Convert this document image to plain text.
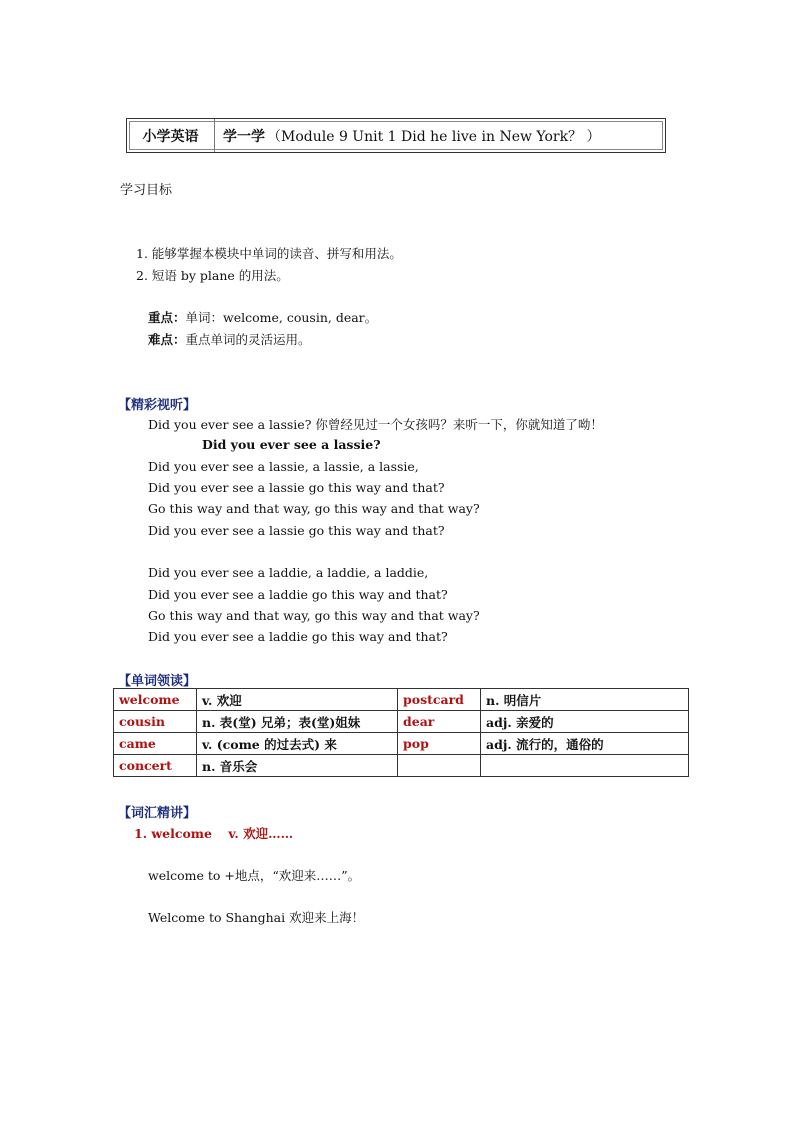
小学英语	学一学 （Module 9 Unit 1 Did he live in New York？ ）
学习目标
1. 能够掌握本模块中单词的读音、拼写和用法。
2. 短语 by plane 的用法。
重点：单词：welcome, cousin, dear。
难点：重点单词的灵活运用。
【精彩视听】
Did you ever see a lassie? 你曾经见过一个女孩吗？来听一下，你就知道了呦！
Did you ever see a lassie?
Did you ever see a lassie, a lassie, a lassie,
Did you ever see a lassie go this way and that?
Go this way and that way, go this way and that way?
Did you ever see a lassie go this way and that?
Did you ever see a laddie, a laddie, a laddie,
Did you ever see a laddie go this way and that?
Go this way and that way, go this way and that way?
Did you ever see a laddie go this way and that?
【单词领读】
welcome	v. 欢迎	postcard	n. 明信片
cousin	n. 表(堂) 兄弟；表(堂)姐妹	dear	adj. 亲爱的
came	v. (come 的过去式) 来	pop	adj. 流行的，通俗的
concert	n. 音乐会		
【词汇精讲】
1. welcome v. 欢迎……
welcome to +地点，“欢迎来……”。
Welcome to Shanghai 欢迎来上海！
